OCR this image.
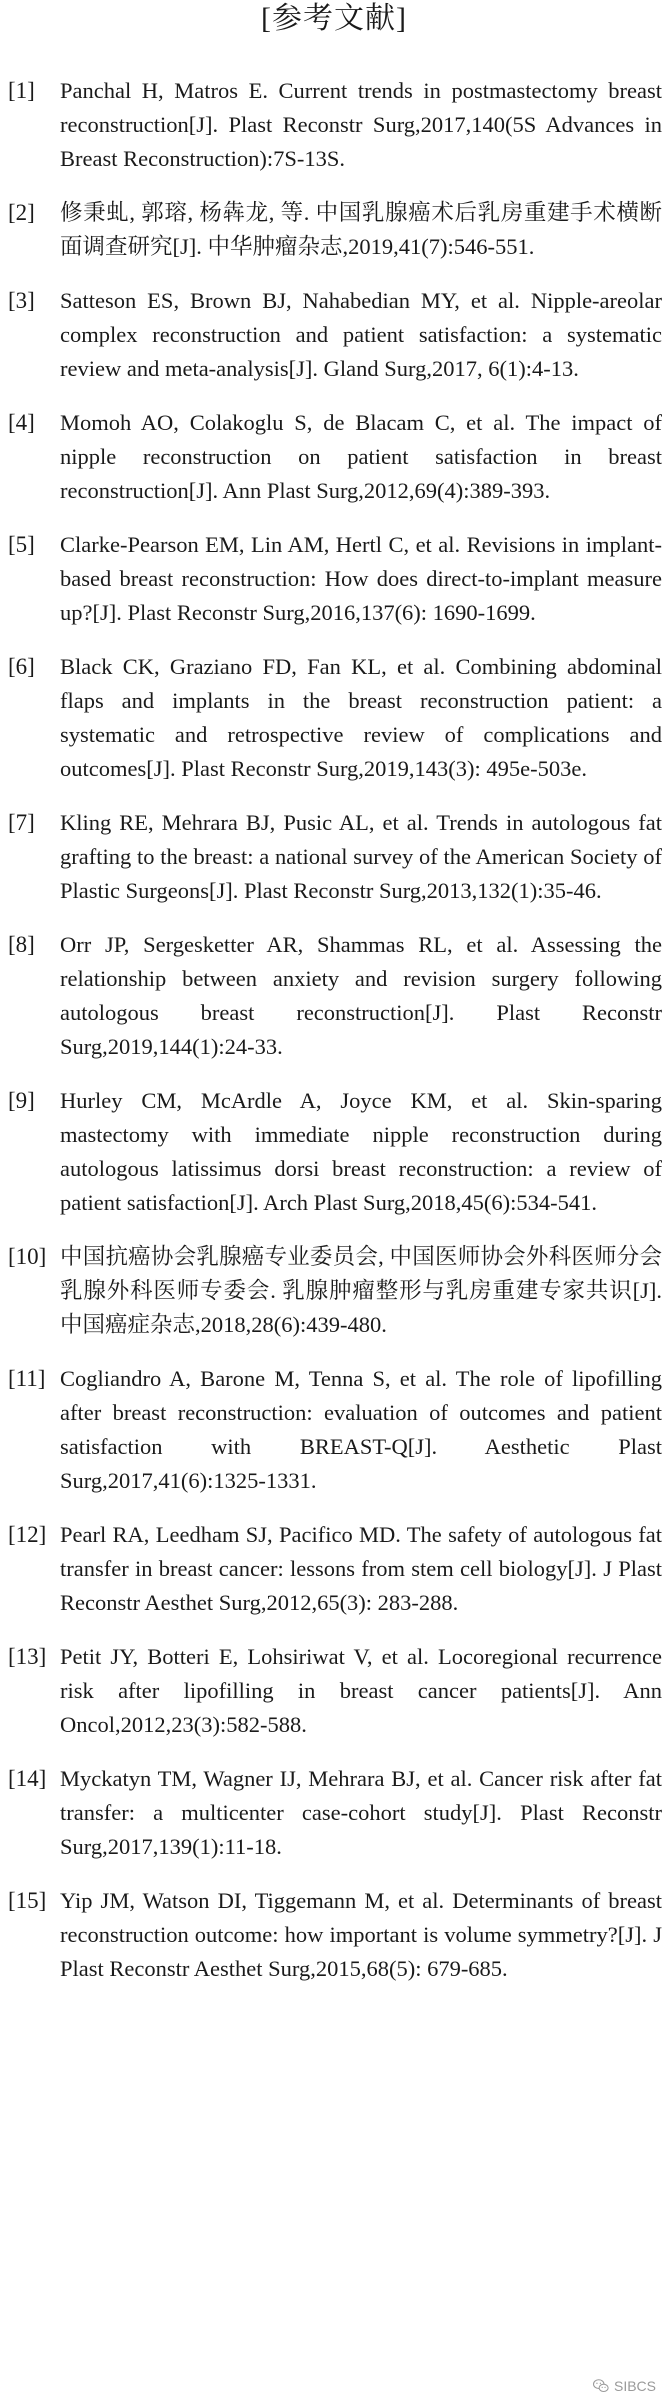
[参考文献]
[1] Panchal H, Matros E. Current trends in postmastectomy breast reconstruction[J]. Plast Reconstr Surg,2017,140(5S Advances in Breast Reconstruction):7S-13S.
[2] 修秉虬, 郭瑢, 杨犇龙, 等. 中国乳腺癌术后乳房重建手术横断面调查研究[J]. 中华肿瘤杂志,2019,41(7):546-551.
[3] Satteson ES, Brown BJ, Nahabedian MY, et al. Nipple-areolar complex reconstruction and patient satisfaction: a systematic review and meta-analysis[J]. Gland Surg,2017, 6(1):4-13.
[4] Momoh AO, Colakoglu S, de Blacam C, et al. The impact of nipple reconstruction on patient satisfaction in breast reconstruction[J]. Ann Plast Surg,2012,69(4):389-393.
[5] Clarke-Pearson EM, Lin AM, Hertl C, et al. Revisions in implant-based breast reconstruction: How does direct-to-implant measure up?[J]. Plast Reconstr Surg,2016,137(6): 1690-1699.
[6] Black CK, Graziano FD, Fan KL, et al. Combining abdominal flaps and implants in the breast reconstruction patient: a systematic and retrospective review of complications and outcomes[J]. Plast Reconstr Surg,2019,143(3): 495e-503e.
[7] Kling RE, Mehrara BJ, Pusic AL, et al. Trends in autologous fat grafting to the breast: a national survey of the American Society of Plastic Surgeons[J]. Plast Reconstr Surg,2013,132(1):35-46.
[8] Orr JP, Sergesketter AR, Shammas RL, et al. Assessing the relationship between anxiety and revision surgery following autologous breast reconstruction[J]. Plast Reconstr Surg,2019,144(1):24-33.
[9] Hurley CM, McArdle A, Joyce KM, et al. Skin-sparing mastectomy with immediate nipple reconstruction during autologous latissimus dorsi breast reconstruction: a review of patient satisfaction[J]. Arch Plast Surg,2018,45(6):534-541.
[10] 中国抗癌协会乳腺癌专业委员会, 中国医师协会外科医师分会乳腺外科医师专委会. 乳腺肿瘤整形与乳房重建专家共识[J]. 中国癌症杂志,2018,28(6):439-480.
[11] Cogliandro A, Barone M, Tenna S, et al. The role of lipofilling after breast reconstruction: evaluation of outcomes and patient satisfaction with BREAST-Q[J]. Aesthetic Plast Surg,2017,41(6):1325-1331.
[12] Pearl RA, Leedham SJ, Pacifico MD. The safety of autologous fat transfer in breast cancer: lessons from stem cell biology[J]. J Plast Reconstr Aesthet Surg,2012,65(3): 283-288.
[13] Petit JY, Botteri E, Lohsiriwat V, et al. Locoregional recurrence risk after lipofilling in breast cancer patients[J]. Ann Oncol,2012,23(3):582-588.
[14] Myckatyn TM, Wagner IJ, Mehrara BJ, et al. Cancer risk after fat transfer: a multicenter case-cohort study[J]. Plast Reconstr Surg,2017,139(1):11-18.
[15] Yip JM, Watson DI, Tiggemann M, et al. Determinants of breast reconstruction outcome: how important is volume symmetry?[J]. J Plast Reconstr Aesthet Surg,2015,68(5): 679-685.
SIBCS
